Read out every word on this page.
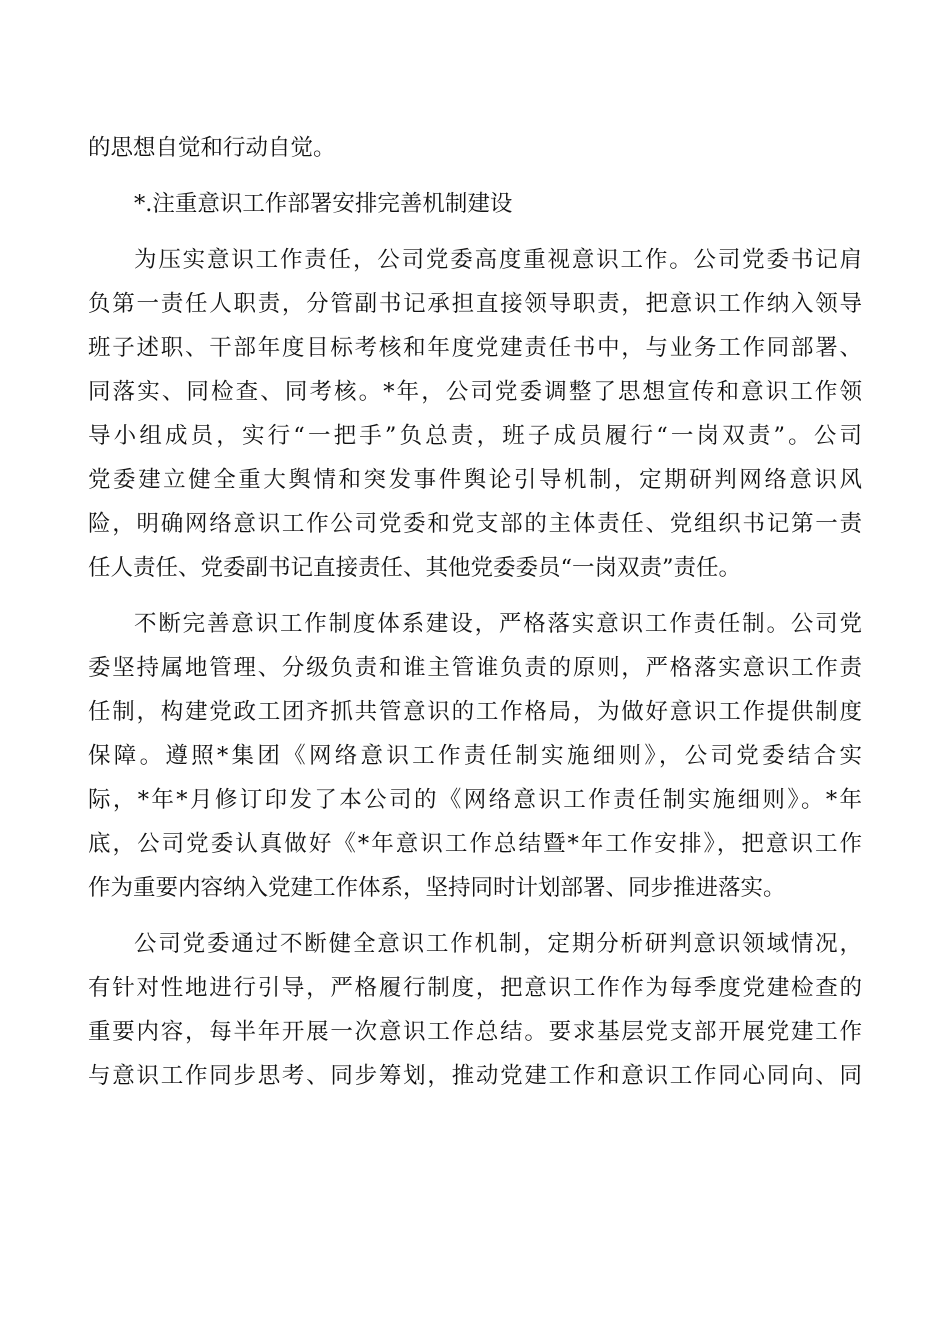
的思想自觉和行动自觉。
*.注重意识工作部署安排完善机制建设
为压实意识工作责任，公司党委高度重视意识工作。公司党委书记肩
负第一责任人职责，分管副书记承担直接领导职责，把意识工作纳入领导
班子述职、干部年度目标考核和年度党建责任书中，与业务工作同部署、
同落实、同检查、同考核。*年，公司党委调整了思想宣传和意识工作领
导小组成员，实行“一把手”负总责，班子成员履行“一岗双责”。公司
党委建立健全重大舆情和突发事件舆论引导机制，定期研判网络意识风
险，明确网络意识工作公司党委和党支部的主体责任、党组织书记第一责
任人责任、党委副书记直接责任、其他党委委员“一岗双责”责任。
不断完善意识工作制度体系建设，严格落实意识工作责任制。公司党
委坚持属地管理、分级负责和谁主管谁负责的原则，严格落实意识工作责
任制，构建党政工团齐抓共管意识的工作格局，为做好意识工作提供制度
保障。遵照*集团《网络意识工作责任制实施细则》，公司党委结合实
际，*年*月修订印发了本公司的《网络意识工作责任制实施细则》。*年
底，公司党委认真做好《*年意识工作总结暨*年工作安排》，把意识工作
作为重要内容纳入党建工作体系，坚持同时计划部署、同步推进落实。
公司党委通过不断健全意识工作机制，定期分析研判意识领域情况，
有针对性地进行引导，严格履行制度，把意识工作作为每季度党建检查的
重要内容，每半年开展一次意识工作总结。要求基层党支部开展党建工作
与意识工作同步思考、同步筹划，推动党建工作和意识工作同心同向、同
